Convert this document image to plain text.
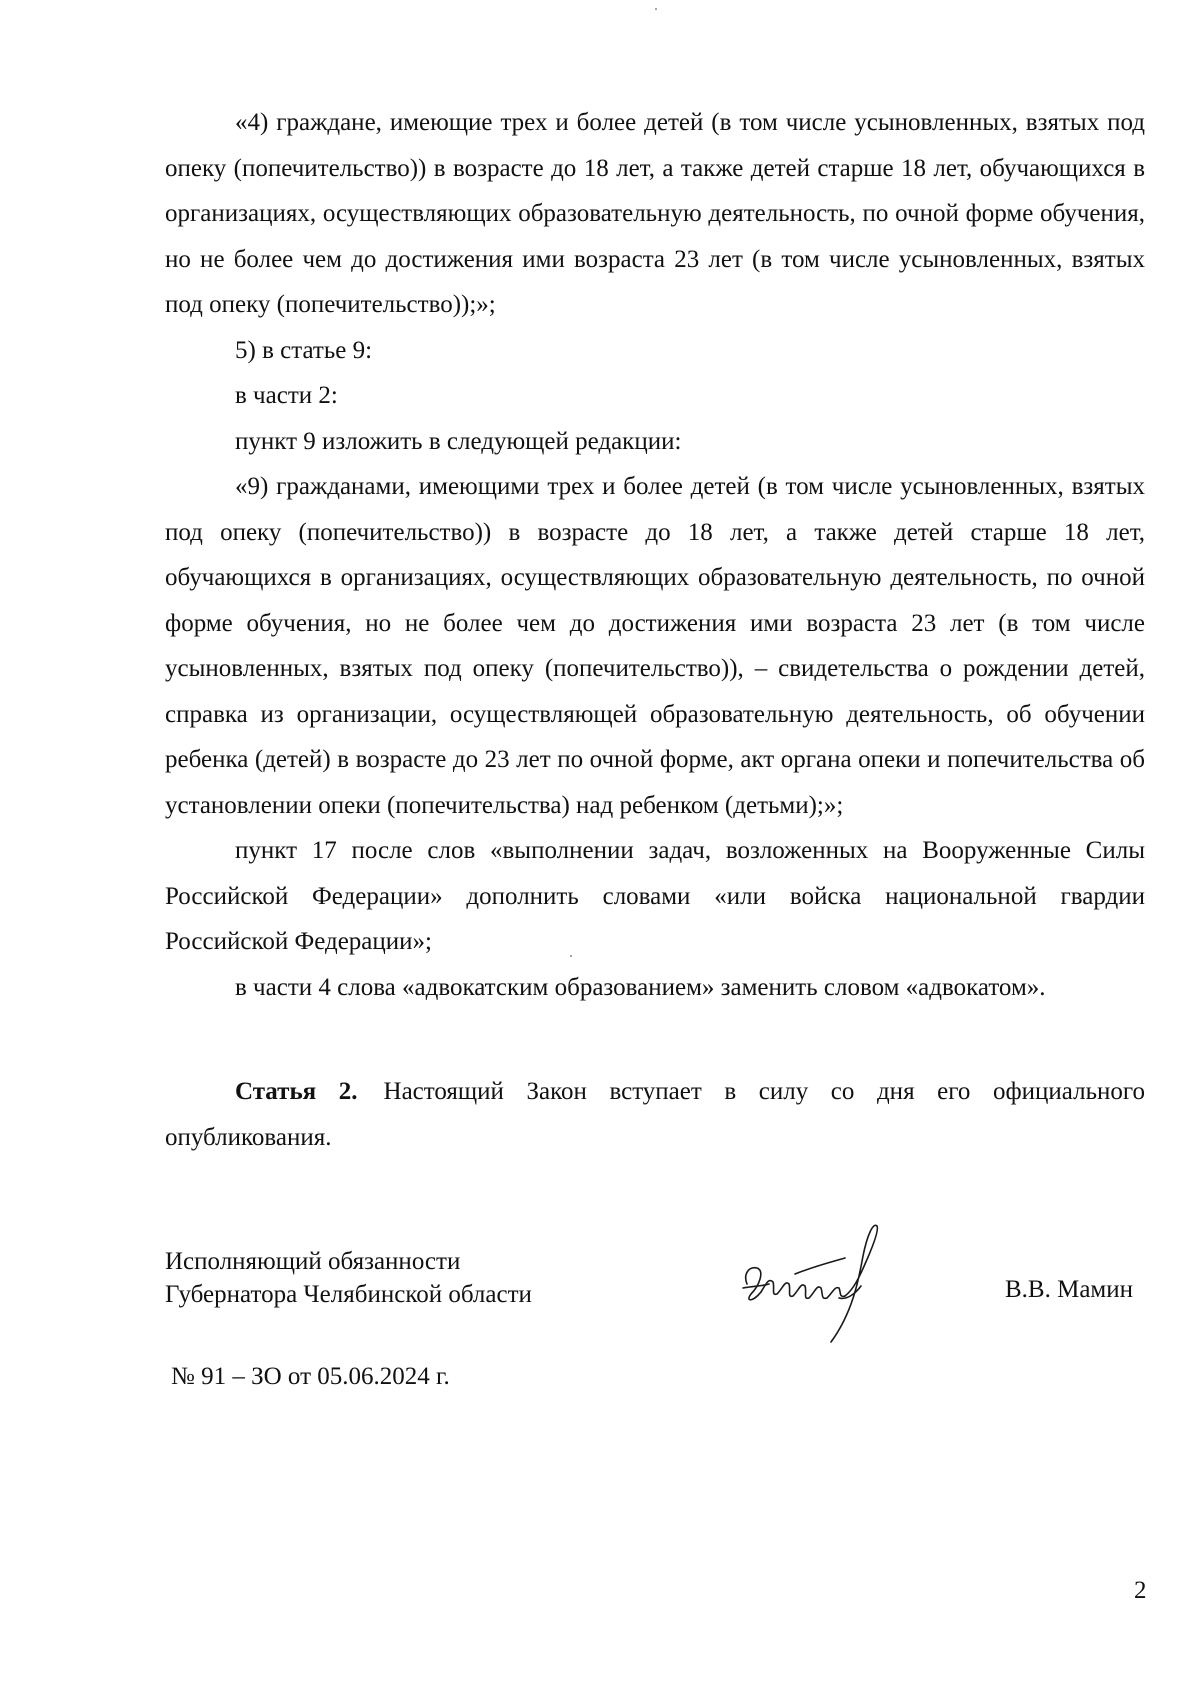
«4) граждане, имеющие трех и более детей (в том числе усыновленных, взятых под опеку (попечительство)) в возрасте до 18 лет, а также детей старше 18 лет, обучающихся в организациях, осуществляющих образовательную деятельность, по очной форме обучения, но не более чем до достижения ими возраста 23 лет (в том числе усыновленных, взятых под опеку (попечительство));»;

5) в статье 9:

в части 2:

пункт 9 изложить в следующей редакции:

«9) гражданами, имеющими трех и более детей (в том числе усыновленных, взятых под опеку (попечительство)) в возрасте до 18 лет, а также детей старше 18 лет, обучающихся в организациях, осуществляющих образовательную деятельность, по очной форме обучения, но не более чем до достижения ими возраста 23 лет (в том числе усыновленных, взятых под опеку (попечительство)), – свидетельства о рождении детей, справка из организации, осуществляющей образовательную деятельность, об обучении ребенка (детей) в возрасте до 23 лет по очной форме, акт органа опеки и попечительства об установлении опеки (попечительства) над ребенком (детьми);»;

пункт 17 после слов «выполнении задач, возложенных на Вооруженные Силы Российской Федерации» дополнить словами «или войска национальной гвардии Российской Федерации»;

в части 4 слова «адвокатским образованием» заменить словом «адвокатом».

Статья 2. Настоящий Закон вступает в силу со дня его официального опубликования.
Исполняющий обязанности
Губернатора Челябинской области	В.В. Мамин
№ 91 – ЗО от 05.06.2024 г.
2
